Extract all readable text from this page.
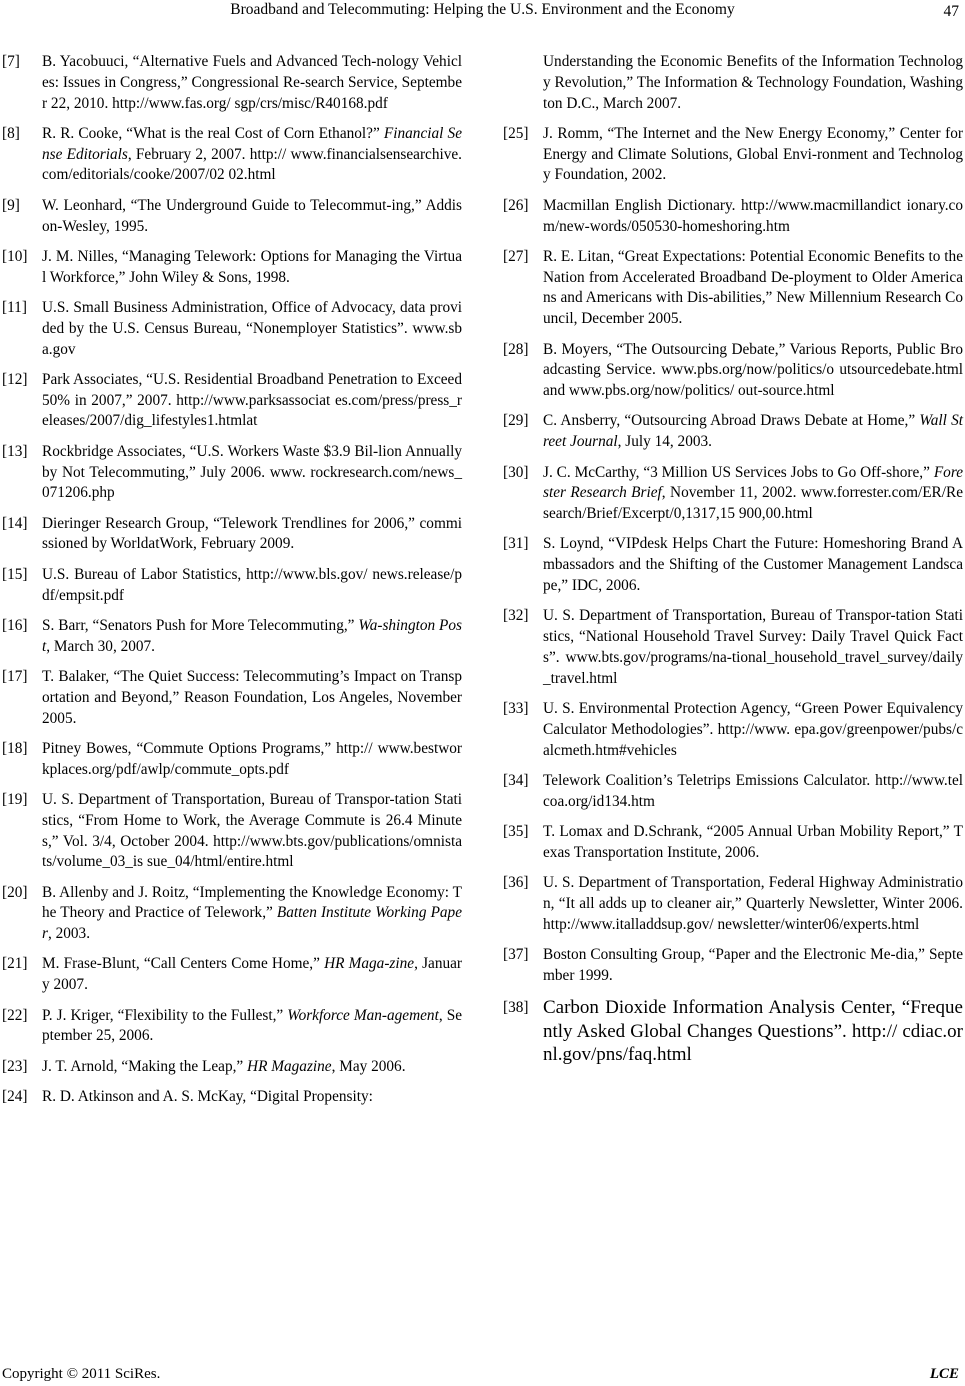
Broadband and Telecommuting: Helping the U.S. Environment and the Economy	47
[7] B. Yacobuuci, “Alternative Fuels and Advanced Tech-nology Vehicles: Issues in Congress,” Congressional Re-search Service, September 22, 2010. http://www.fas.org/ sgp/crs/misc/R40168.pdf
[8] R. R. Cooke, “What is the real Cost of Corn Ethanol?” Financial Sense Editorials, February 2, 2007. http:// www.financialsensearchive.com/editorials/cooke/2007/02 02.html
[9] W. Leonhard, “The Underground Guide to Telecommut-ing,” Addison-Wesley, 1995.
[10] J. M. Nilles, “Managing Telework: Options for Managing the Virtual Workforce,” John Wiley & Sons, 1998.
[11] U.S. Small Business Administration, Office of Advocacy, data provided by the U.S. Census Bureau, “Nonemployer Statistics”. www.sba.gov
[12] Park Associates, “U.S. Residential Broadband Penetration to Exceed 50% in 2007,” 2007. http://www.parksassociat es.com/press/press_releases/2007/dig_lifestyles1.htmlat
[13] Rockbridge Associates, “U.S. Workers Waste $3.9 Bil-lion Annually by Not Telecommuting,” July 2006. www. rockresearch.com/news_071206.php
[14] Dieringer Research Group, “Telework Trendlines for 2006,” commissioned by WorldatWork, February 2009.
[15] U.S. Bureau of Labor Statistics, http://www.bls.gov/ news.release/pdf/empsit.pdf
[16] S. Barr, “Senators Push for More Telecommuting,” Wa-shington Post, March 30, 2007.
[17] T. Balaker, “The Quiet Success: Telecommuting’s Impact on Transportation and Beyond,” Reason Foundation, Los Angeles, November 2005.
[18] Pitney Bowes, “Commute Options Programs,” http:// www.bestworkplaces.org/pdf/awlp/commute_opts.pdf
[19] U. S. Department of Transportation, Bureau of Transpor-tation Statistics, “From Home to Work, the Average Commute is 26.4 Minutes,” Vol. 3/4, October 2004. http://www.bts.gov/publications/omnistats/volume_03_is sue_04/html/entire.html
[20] B. Allenby and J. Roitz, “Implementing the Knowledge Economy: The Theory and Practice of Telework,” Batten Institute Working Paper, 2003.
[21] M. Frase-Blunt, “Call Centers Come Home,” HR Maga-zine, January 2007.
[22] P. J. Kriger, “Flexibility to the Fullest,” Workforce Man-agement, September 25, 2006.
[23] J. T. Arnold, “Making the Leap,” HR Magazine, May 2006.
[24] R. D. Atkinson and A. S. McKay, “Digital Propensity:
Understanding the Economic Benefits of the Information Technology Revolution,” The Information & Technology Foundation, Washington D.C., March 2007.
[25] J. Romm, “The Internet and the New Energy Economy,” Center for Energy and Climate Solutions, Global Envi-ronment and Technology Foundation, 2002.
[26] Macmillan English Dictionary. http://www.macmillandict ionary.com/new-words/050530-homeshoring.htm
[27] R. E. Litan, “Great Expectations: Potential Economic Benefits to the Nation from Accelerated Broadband De-ployment to Older Americans and Americans with Dis-abilities,” New Millennium Research Council, December 2005.
[28] B. Moyers, “The Outsourcing Debate,” Various Reports, Public Broadcasting Service. www.pbs.org/now/politics/o utsourcedebate.html and www.pbs.org/now/politics/ out-source.html
[29] C. Ansberry, “Outsourcing Abroad Draws Debate at Home,” Wall Street Journal, July 14, 2003.
[30] J. C. McCarthy, “3 Million US Services Jobs to Go Off-shore,” Forester Research Brief, November 11, 2002. www.forrester.com/ER/Research/Brief/Excerpt/0,1317,15 900,00.html
[31] S. Loynd, “VIPdesk Helps Chart the Future: Homeshoring Brand Ambassadors and the Shifting of the Customer Management Landscape,” IDC, 2006.
[32] U. S. Department of Transportation, Bureau of Transpor-tation Statistics, “National Household Travel Survey: Daily Travel Quick Facts”. www.bts.gov/programs/na-tional_household_travel_survey/daily_travel.html
[33] U. S. Environmental Protection Agency, “Green Power Equivalency Calculator Methodologies”. http://www. epa.gov/greenpower/pubs/calcmeth.htm#vehicles
[34] Telework Coalition’s Teletrips Emissions Calculator. http://www.telcoa.org/id134.htm
[35] T. Lomax and D.Schrank, “2005 Annual Urban Mobility Report,” Texas Transportation Institute, 2006.
[36] U. S. Department of Transportation, Federal Highway Administration, “It all adds up to cleaner air,” Quarterly Newsletter, Winter 2006. http://www.italladdsup.gov/ newsletter/winter06/experts.html
[37] Boston Consulting Group, “Paper and the Electronic Me-dia,” September 1999.
[38] Carbon Dioxide Information Analysis Center, “Frequently Asked Global Changes Questions”. http:// cdiac.ornl.gov/pns/faq.html
Copyright © 2011 SciRes.	LCE
